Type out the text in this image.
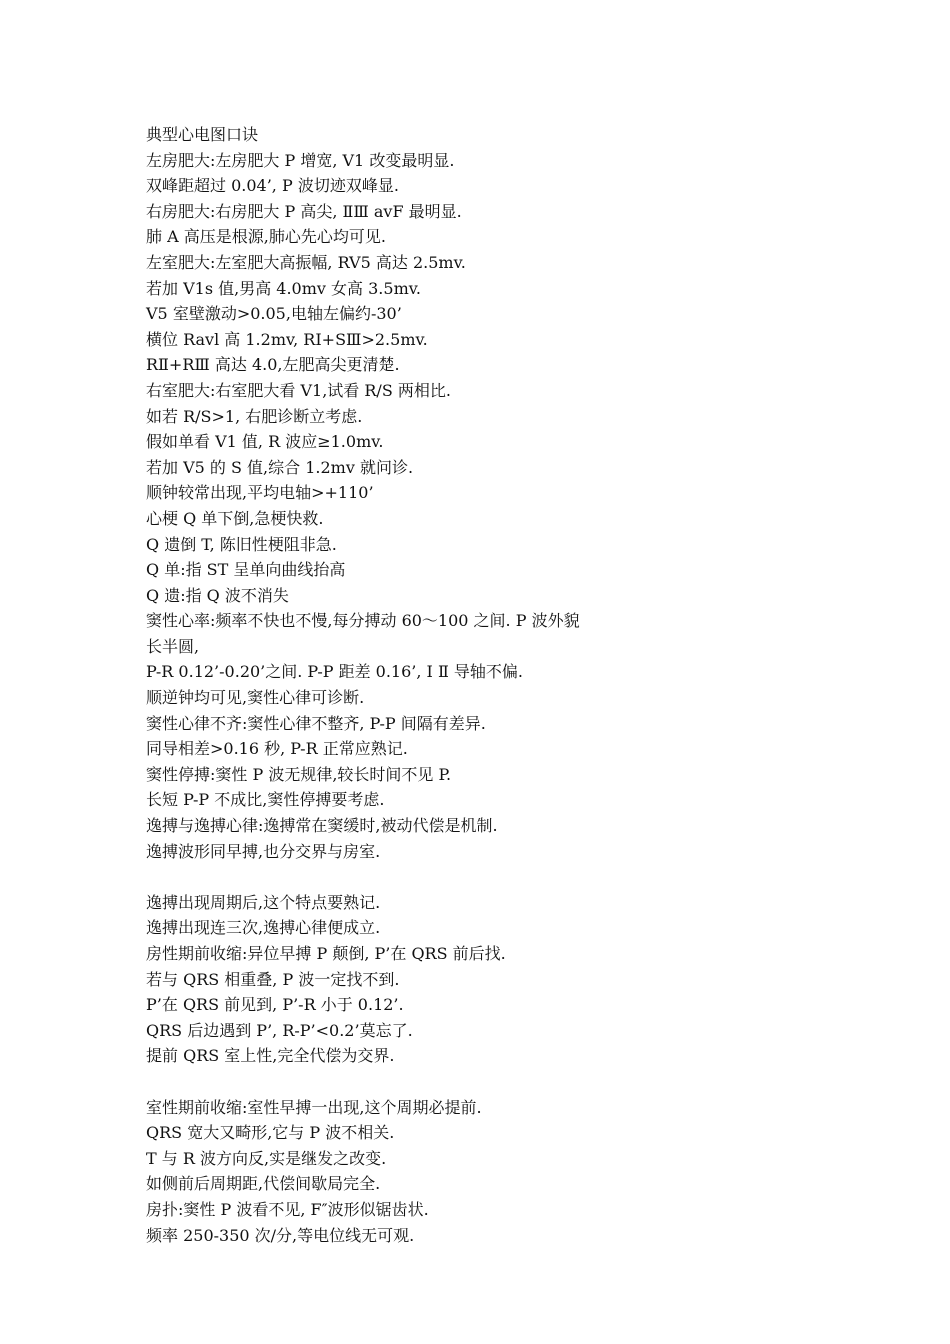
典型心电图口诀
左房肥大:左房肥大 P 增宽, V1 改变最明显.
双峰距超过 0.04’, P 波切迹双峰显.
右房肥大:右房肥大 P 高尖, ⅡⅢ avF 最明显.
肺 A 高压是根源,肺心先心均可见.
左室肥大:左室肥大高振幅, RV5 高达 2.5mv.
若加 V1s 值,男高 4.0mv 女高 3.5mv.
V5 室壁激动>0.05,电轴左偏约-30’
横位 Ravl 高 1.2mv, RⅠ+SⅢ>2.5mv.
RⅡ+RⅢ 高达 4.0,左肥高尖更清楚.
右室肥大:右室肥大看 V1,试看 R/S 两相比.
如若 R/S>1, 右肥诊断立考虑.
假如单看 V1 值, R 波应≥1.0mv.
若加 V5 的 S 值,综合 1.2mv 就问诊.
顺钟较常出现,平均电轴>+110’
心梗 Q 单下倒,急梗快救.
Q 遗倒 T, 陈旧性梗阻非急.
Q 单:指 ST 呈单向曲线抬高
Q 遗:指 Q 波不消失
窦性心率:频率不快也不慢,每分搏动 60～100 之间. P 波外貌
长半圆,
P-R 0.12’-0.20’之间. P-P 距差 0.16’, Ⅰ Ⅱ 导轴不偏.
顺逆钟均可见,窦性心律可诊断.
窦性心律不齐:窦性心律不整齐, P-P 间隔有差异.
同导相差>0.16 秒, P-R 正常应熟记.
窦性停搏:窦性 P 波无规律,较长时间不见 P.
长短 P-P 不成比,窦性停搏要考虑.
逸搏与逸搏心律:逸搏常在窦缓时,被动代偿是机制.
逸搏波形同早搏,也分交界与房室.
逸搏出现周期后,这个特点要熟记.
逸搏出现连三次,逸搏心律便成立.
房性期前收缩:异位早搏 P 颠倒, P’在 QRS 前后找.
若与 QRS 相重叠, P 波一定找不到.
P’在 QRS 前见到, P’-R 小于 0.12’.
QRS 后边遇到 P’, R-P’<0.2’莫忘了.
提前 QRS 室上性,完全代偿为交界.
室性期前收缩:室性早搏一出现,这个周期必提前.
QRS 宽大又畸形,它与 P 波不相关.
T 与 R 波方向反,实是继发之改变.
如侧前后周期距,代偿间歇局完全.
房扑:窦性 P 波看不见, F″波形似锯齿状.
频率 250-350 次/分,等电位线无可观.
